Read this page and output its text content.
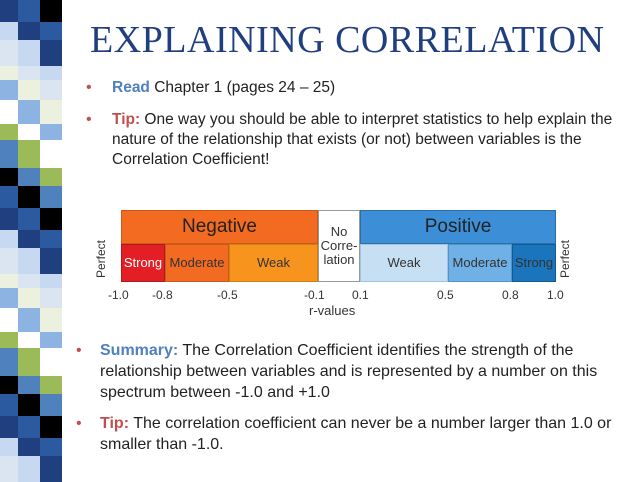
EXPLAINING CORRELATION
• Read Chapter 1 (pages 24 – 25)
• Tip: One way you should be able to interpret statistics to help explain the nature of the relationship that exists (or not) between variables is the Correlation Coefficient!
Negative	Positive
No Corre- lation
Strong Moderate	Weak	Weak Moderate Strong
Perfect	Perfect
-1.0 -0.8	-0.5	-0.1 0.1	0.5	0.8 1.0
r-values
• Summary: The Correlation Coefficient identifies the strength of the relationship between variables and is represented by a number on this spectrum between -1.0 and +1.0
• Tip: The correlation coefficient can never be a number larger than 1.0 or smaller than -1.0.
